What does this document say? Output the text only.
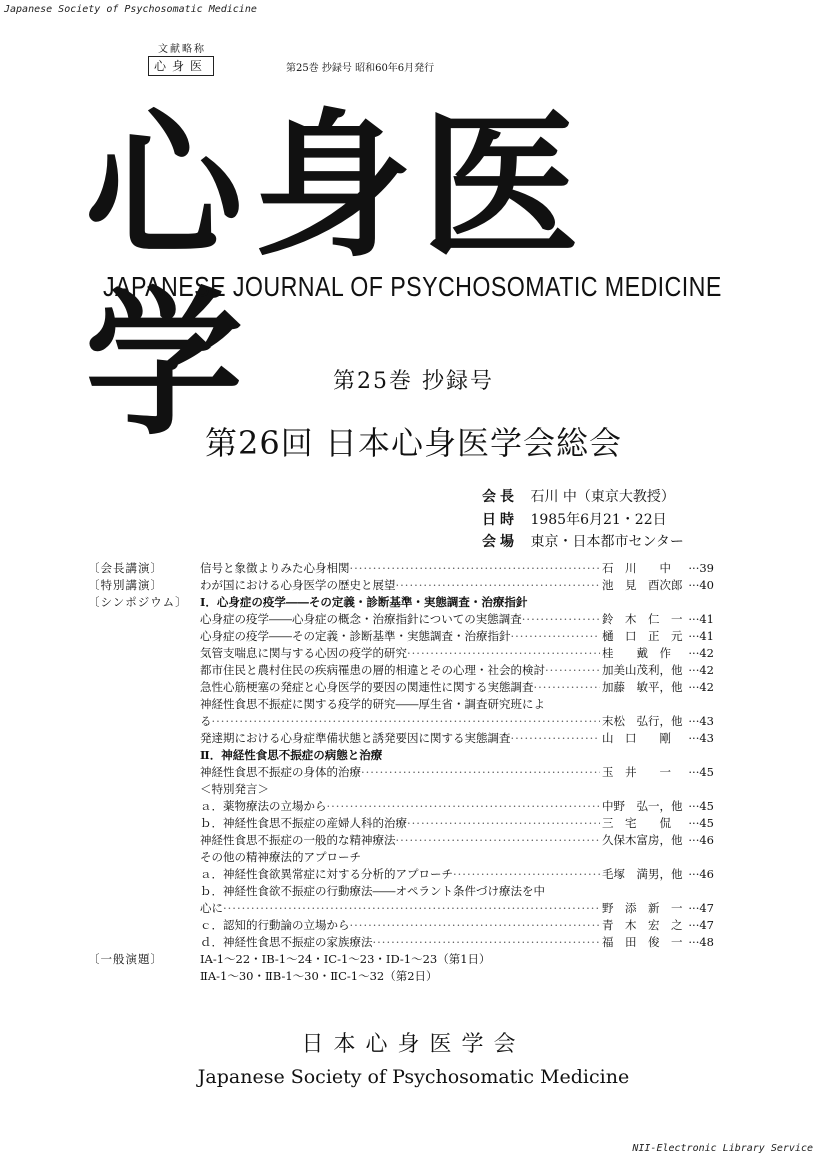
Japanese Society of Psychosomatic Medicine
文献略称
心身医	第25巻 抄録号 昭和60年6月発行
心身医学
JAPANESE JOURNAL OF PSYCHOSOMATIC MEDICINE
第25巻 抄録号
第26回 日本心身医学会総会
会長 石川 中（東京大教授）
日時 1985年6月21・22日
会場 東京・日本都市センター
〔会長講演〕	信号と象徴よりみた心身相関 ·····	石　川　　中	···39
〔特別講演〕	わが国における心身医学の歴史と展望 ·····	池　見　酉次郎 ···40
〔シンポジウム〕	Ⅰ．心身症の疫学――その定義・診断基準・実態調査・治療指針
心身症の疫学――心身症の概念・治療指針についての実態調査 ·····	鈴　木　仁　一 ···41
心身症の疫学――その定義・診断基準・実態調査・治療指針 ·····	樋　口　正　元 ···41
気管支喘息に関与する心因の疫学的研究 ·····	桂　　戴　作	···42
都市住民と農村住民の疾病罹患の層的相違とその心理・社会的検討 ·····	加美山茂利，他 ···42
急性心筋梗塞の発症と心身医学的要因の関連性に関する実態調査 ·····	加藤　敏平，他 ···42
神経性食思不振症に関する疫学的研究――厚生省・調査研究班によ
る ·····	末松　弘行，他 ···43
発達期における心身症準備状態と誘発要因に関する実態調査 ·····	山　口　　剛	···43
Ⅱ．神経性食思不振症の病態と治療
神経性食思不振症の身体的治療 ·····	玉　井　　一	···45
＜特別発言＞
ａ．薬物療法の立場から ·····	中野　弘一，他 ···45
ｂ．神経性食思不振症の産婦人科的治療 ·····	三　宅　　侃	···45
神経性食思不振症の一般的な精神療法 ·····	久保木富房，他 ···46
その他の精神療法的アプローチ
ａ．神経性食欲異常症に対する分析的アプローチ ·····	毛塚　満男，他 ···46
ｂ．神経性食欲不振症の行動療法――オペラント条件づけ療法を中
心に ·····	野　添　新　一 ···47
ｃ．認知的行動論の立場から ·····	青　木　宏　之 ···47
ｄ．神経性食思不振症の家族療法 ·····	福　田　俊　一 ···48
〔一般演題〕	ⅠA-1～22・ⅠB-1～24・ⅠC-1～23・ⅠD-1～23（第1日）
ⅡA-1～30・ⅡB-1～30・ⅡC-1～32（第2日）
日本心身医学会
Japanese Society of Psychosomatic Medicine
NII-Electronic Library Service
